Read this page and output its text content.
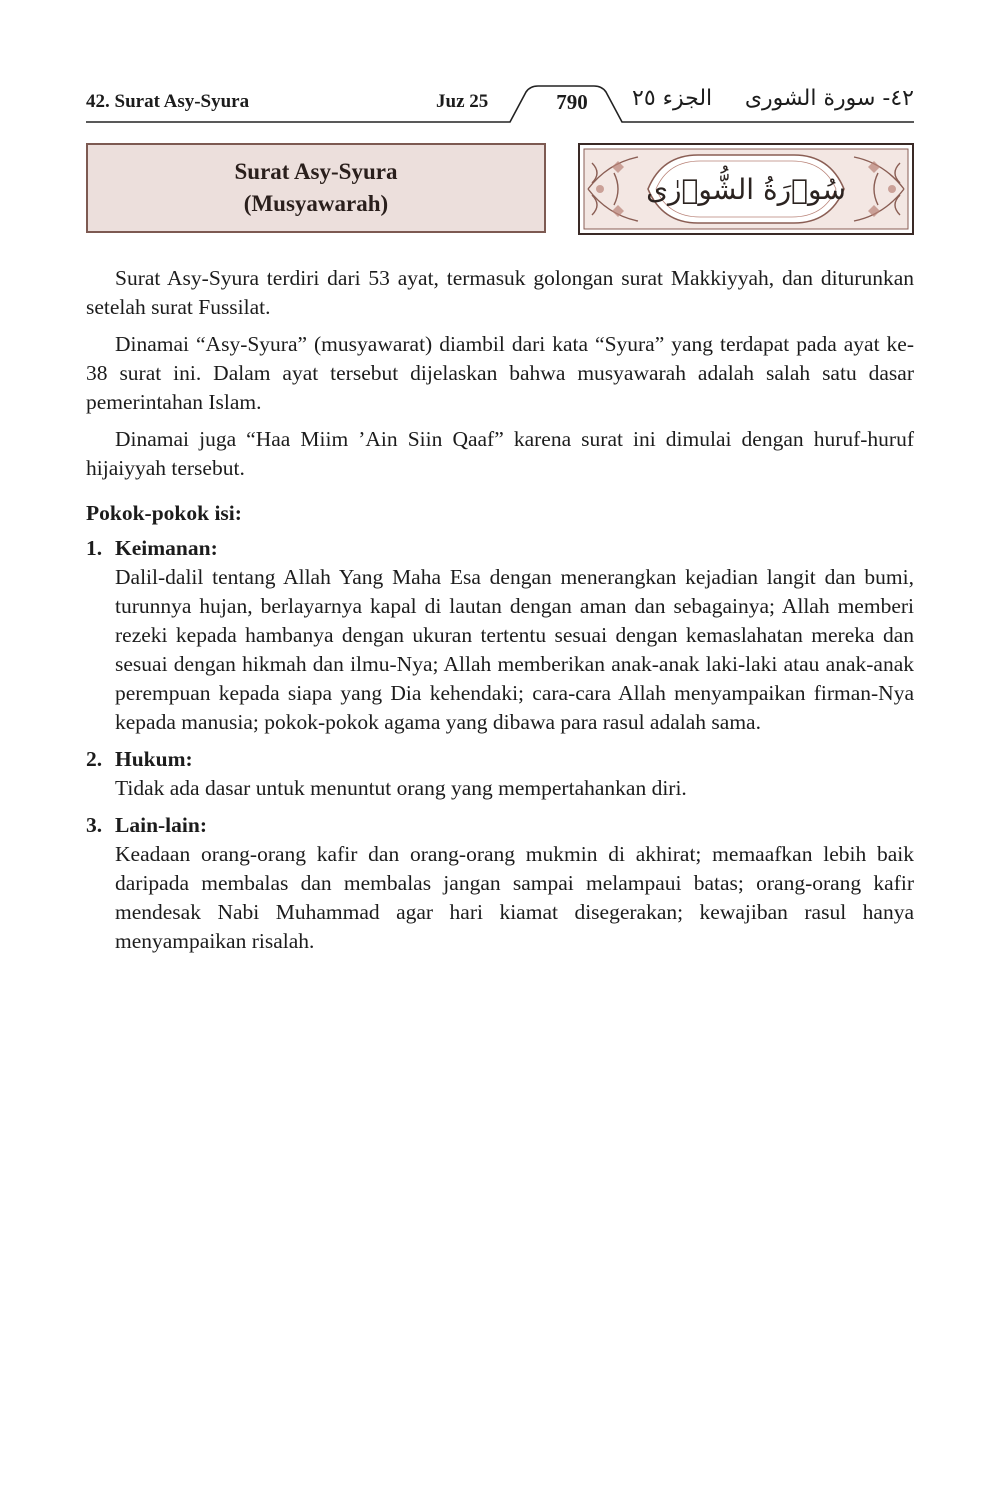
42. Surat Asy-Syura	Juz 25	790	الجزء ٢٥ ٤٢- سورة الشورى
Surat Asy-Syura
(Musyawarah)	سُوۡرَةُ الشُّوۡرٰى

Surat Asy-Syura terdiri dari 53 ayat, termasuk golongan surat Makkiyyah, dan diturunkan setelah surat Fussilat.

Dinamai “Asy-Syura” (musyawarat) diambil dari kata “Syura” yang terdapat pada ayat ke-38 surat ini. Dalam ayat tersebut dijelaskan bahwa musyawarah adalah salah satu dasar pemerintahan Islam.

Dinamai juga “Haa Miim ’Ain Siin Qaaf” karena surat ini dimulai dengan huruf-huruf hijaiyyah tersebut.

Pokok-pokok isi:
1. Keimanan:
Dalil-dalil tentang Allah Yang Maha Esa dengan menerangkan kejadian langit dan bumi, turunnya hujan, berlayarnya kapal di lautan dengan aman dan sebagainya; Allah memberi rezeki kepada hambanya dengan ukuran tertentu sesuai dengan kemaslahatan mereka dan sesuai dengan hikmah dan ilmu-Nya; Allah memberikan anak-anak laki-laki atau anak-anak perempuan kepada siapa yang Dia kehendaki; cara-cara Allah menyampaikan firman-Nya kepada manusia; pokok-pokok agama yang dibawa para rasul adalah sama.
2. Hukum:
Tidak ada dasar untuk menuntut orang yang mempertahankan diri.
3. Lain-lain:
Keadaan orang-orang kafir dan orang-orang mukmin di akhirat; memaafkan lebih baik daripada membalas dan membalas jangan sampai melampaui batas; orang-orang kafir mendesak Nabi Muhammad agar hari kiamat disegerakan; kewajiban rasul hanya menyampaikan risalah.
